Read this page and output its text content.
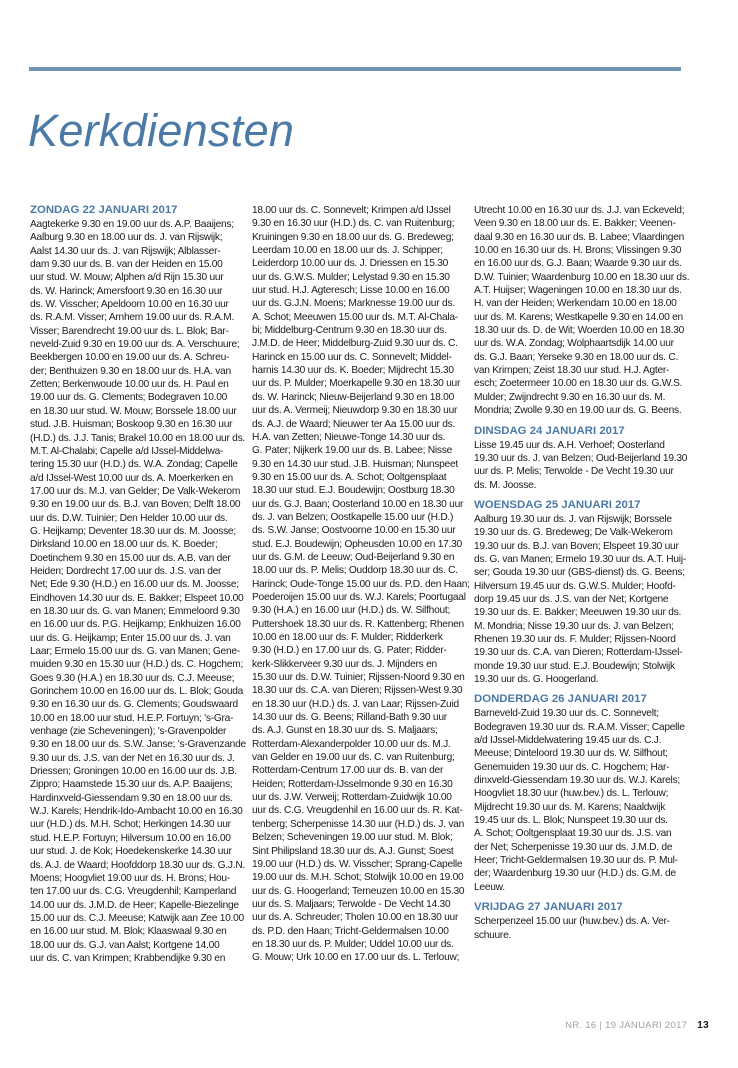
Kerkdiensten
ZONDAG 22 JANUARI 2017
Aagtekerke 9.30 en 19.00 uur ds. A.P. Baaijens;
Aalburg 9.30 en 18.00 uur ds. J. van Rijswijk;
Aalst 14.30 uur ds. J. van Rijswijk; Alblasser-
dam 9.30 uur ds. B. van der Heiden en 15.00
uur stud. W. Mouw; Alphen a/d Rijn 15.30 uur
ds. W. Harinck; Amersfoort 9.30 en 16.30 uur
ds. W. Visscher; Apeldoorn 10.00 en 16.30 uur
ds. R.A.M. Visser; Arnhem 19.00 uur ds. R.A.M.
Visser; Barendrecht 19.00 uur ds. L. Blok; Bar-
neveld-Zuid 9.30 en 19.00 uur ds. A. Verschuure;
Beekbergen 10.00 en 19.00 uur ds. A. Schreu-
der; Benthuizen 9.30 en 18.00 uur ds. H.A. van
Zetten; Berkenwoude 10.00 uur ds. H. Paul en
19.00 uur ds. G. Clements; Bodegraven 10.00
en 18.30 uur stud. W. Mouw; Borssele 18.00 uur
stud. J.B. Huisman; Boskoop 9.30 en 16.30 uur
(H.D.) ds. J.J. Tanis; Brakel 10.00 en 18.00 uur ds.
M.T. Al-Chalabi; Capelle a/d IJssel-Middelwa-
tering 15.30 uur (H.D.) ds. W.A. Zondag; Capelle
a/d IJssel-West 10.00 uur ds. A. Moerkerken en
17.00 uur ds. M.J. van Gelder; De Valk-Wekerom
9.30 en 19.00 uur ds. B.J. van Boven; Delft 18.00
uur ds. D.W. Tuinier; Den Helder 10.00 uur ds.
G. Heijkamp; Deventer 18.30 uur ds. M. Joosse;
Dirksland 10.00 en 18.00 uur ds. K. Boeder;
Doetinchem 9.30 en 15.00 uur ds. A.B. van der
Heiden; Dordrecht 17.00 uur ds. J.S. van der
Net; Ede 9.30 (H.D.) en 16.00 uur ds. M. Joosse;
Eindhoven 14.30 uur ds. E. Bakker; Elspeet 10.00
en 18.30 uur ds. G. van Manen; Emmeloord 9.30
en 16.00 uur ds. P.G. Heijkamp; Enkhuizen 16.00
uur ds. G. Heijkamp; Enter 15.00 uur ds. J. van
Laar; Ermelo 15.00 uur ds. G. van Manen; Gene-
muiden 9.30 en 15.30 uur (H.D.) ds. C. Hogchem;
Goes 9.30 (H.A.) en 18.30 uur ds. C.J. Meeuse;
Gorinchem 10.00 en 16.00 uur ds. L. Blok; Gouda
9.30 en 16.30 uur ds. G. Clements; Goudswaard
10.00 en 18.00 uur stud. H.E.P. Fortuyn; 's-Gra-
venhage (zie Scheveningen); 's-Gravenpolder
9.30 en 18.00 uur ds. S.W. Janse; 's-Gravenzande
9.30 uur ds. J.S. van der Net en 16.30 uur ds. J.
Driessen; Groningen 10.00 en 16.00 uur ds. J.B.
Zippro; Haamstede 15.30 uur ds. A.P. Baaijens;
Hardinxveld-Giessendam 9.30 en 18.00 uur ds.
W.J. Karels; Hendrik-Ido-Ambacht 10.00 en 16.30
uur (H.D.) ds. M.H. Schot; Herkingen 14.30 uur
stud. H.E.P. Fortuyn; Hilversum 10.00 en 16.00
uur stud. J. de Kok; Hoedekenskerke 14.30 uur
ds. A.J. de Waard; Hoofddorp 18.30 uur ds. G.J.N.
Moens; Hoogvliet 19.00 uur ds. H. Brons; Hou-
ten 17.00 uur ds. C.G. Vreugdenhil; Kamperland
14.00 uur ds. J.M.D. de Heer; Kapelle-Biezelinge
15.00 uur ds. C.J. Meeuse; Katwijk aan Zee 10.00
en 16.00 uur stud. M. Blok; Klaaswaal 9.30 en
18.00 uur ds. G.J. van Aalst; Kortgene 14.00
uur ds. C. van Krimpen; Krabbendijke 9.30 en
18.00 uur ds. C. Sonnevelt; Krimpen a/d IJssel
9.30 en 16.30 uur (H.D.) ds. C. van Ruitenburg;
Kruiningen 9.30 en 18.00 uur ds. G. Bredeweg;
Leerdam 10.00 en 18.00 uur ds. J. Schipper;
Leiderdorp 10.00 uur ds. J. Driessen en 15.30
uur ds. G.W.S. Mulder; Lelystad 9.30 en 15.30
uur stud. H.J. Agteresch; Lisse 10.00 en 16.00
uur ds. G.J.N. Moens; Marknesse 19.00 uur ds.
A. Schot; Meeuwen 15.00 uur ds. M.T. Al-Chala-
bi; Middelburg-Centrum 9.30 en 18.30 uur ds.
J.M.D. de Heer; Middelburg-Zuid 9.30 uur ds. C.
Harinck en 15.00 uur ds. C. Sonnevelt; Middel-
harnis 14.30 uur ds. K. Boeder; Mijdrecht 15.30
uur ds. P. Mulder; Moerkapelle 9.30 en 18.30 uur
ds. W. Harinck; Nieuw-Beijerland 9.30 en 18.00
uur ds. A. Vermeij; Nieuwdorp 9.30 en 18.30 uur
ds. A.J. de Waard; Nieuwer ter Aa 15.00 uur ds.
H.A. van Zetten; Nieuwe-Tonge 14.30 uur ds.
G. Pater; Nijkerk 19.00 uur ds. B. Labee; Nisse
9.30 en 14.30 uur stud. J.B. Huisman; Nunspeet
9.30 en 15.00 uur ds. A. Schot; Ooltgensplaat
18.30 uur stud. E.J. Boudewijn; Oostburg 18.30
uur ds. G.J. Baan; Oosterland 10.00 en 18.30 uur
ds. J. van Belzen; Oostkapelle 15.00 uur (H.D.)
ds. S.W. Janse; Oostvoorne 10.00 en 15.30 uur
stud. E.J. Boudewijn; Opheusden 10.00 en 17.30
uur ds. G.M. de Leeuw; Oud-Beijerland 9.30 en
18.00 uur ds. P. Melis; Ouddorp 18.30 uur ds. C.
Harinck; Oude-Tonge 15.00 uur ds. P.D. den Haan;
Poederoijen 15.00 uur ds. W.J. Karels; Poortugaal
9.30 (H.A.) en 16.00 uur (H.D.) ds. W. Silfhout;
Puttershoek 18.30 uur ds. R. Kattenberg; Rhenen
10.00 en 18.00 uur ds. F. Mulder; Ridderkerk
9.30 (H.D.) en 17.00 uur ds. G. Pater; Ridder-
kerk-Slikkerveer 9.30 uur ds. J. Mijnders en
15.30 uur ds. D.W. Tuinier; Rijssen-Noord 9.30 en
18.30 uur ds. C.A. van Dieren; Rijssen-West 9.30
en 18.30 uur (H.D.) ds. J. van Laar; Rijssen-Zuid
14.30 uur ds. G. Beens; Rilland-Bath 9.30 uur
ds. A.J. Gunst en 18.30 uur ds. S. Maljaars;
Rotterdam-Alexanderpolder 10.00 uur ds. M.J.
van Gelder en 19.00 uur ds. C. van Ruitenburg;
Rotterdam-Centrum 17.00 uur ds. B. van der
Heiden; Rotterdam-IJsselmonde 9.30 en 16.30
uur ds. J.W. Verweij; Rotterdam-Zuidwijk 10.00
uur ds. C.G. Vreugdenhil en 16.00 uur ds. R. Kat-
tenberg; Scherpenisse 14.30 uur (H.D.) ds. J. van
Belzen; Scheveningen 19.00 uur stud. M. Blok;
Sint Philipsland 18.30 uur ds. A.J. Gunst; Soest
19.00 uur (H.D.) ds. W. Visscher; Sprang-Capelle
19.00 uur ds. M.H. Schot; Stolwijk 10.00 en 19.00
uur ds. G. Hoogerland; Terneuzen 10.00 en 15.30
uur ds. S. Maljaars; Terwolde - De Vecht 14.30
uur ds. A. Schreuder; Tholen 10.00 en 18.30 uur
ds. P.D. den Haan; Tricht-Geldermalsen 10.00
en 18.30 uur ds. P. Mulder; Uddel 10.00 uur ds.
G. Mouw; Urk 10.00 en 17.00 uur ds. L. Terlouw;
Utrecht 10.00 en 16.30 uur ds. J.J. van Eckeveld;
Veen 9.30 en 18.00 uur ds. E. Bakker; Veenen-
daal 9.30 en 16.30 uur ds. B. Labee; Vlaardingen
10.00 en 16.30 uur ds. H. Brons; Vlissingen 9.30
en 16.00 uur ds. G.J. Baan; Waarde 9.30 uur ds.
D.W. Tuinier; Waardenburg 10.00 en 18.30 uur ds.
A.T. Huijser; Wageningen 10.00 en 18.30 uur ds.
H. van der Heiden; Werkendam 10.00 en 18.00
uur ds. M. Karens; Westkapelle 9.30 en 14.00 en
18.30 uur ds. D. de Wit; Woerden 10.00 en 18.30
uur ds. W.A. Zondag; Wolphaartsdijk 14.00 uur
ds. G.J. Baan; Yerseke 9.30 en 18.00 uur ds. C.
van Krimpen; Zeist 18.30 uur stud. H.J. Agter-
esch; Zoetermeer 10.00 en 18.30 uur ds. G.W.S.
Mulder; Zwijndrecht 9.30 en 16.30 uur ds. M.
Mondria; Zwolle 9.30 en 19.00 uur ds. G. Beens.
DINSDAG 24 JANUARI 2017
Lisse 19.45 uur ds. A.H. Verhoef; Oosterland
19.30 uur ds. J. van Belzen; Oud-Beijerland 19.30
uur ds. P. Melis; Terwolde - De Vecht 19.30 uur
ds. M. Joosse.
WOENSDAG 25 JANUARI 2017
Aalburg 19.30 uur ds. J. van Rijswijk; Borssele
19.30 uur ds. G. Bredeweg; De Valk-Wekerom
19.30 uur ds. B.J. van Boven; Elspeet 19.30 uur
ds. G. van Manen; Ermelo 19.30 uur ds. A.T. Huij-
ser; Gouda 19.30 uur (GBS-dienst) ds. G. Beens;
Hilversum 19.45 uur ds. G.W.S. Mulder; Hoofd-
dorp 19.45 uur ds. J.S. van der Net; Kortgene
19.30 uur ds. E. Bakker; Meeuwen 19.30 uur ds.
M. Mondria; Nisse 19.30 uur ds. J. van Belzen;
Rhenen 19.30 uur ds. F. Mulder; Rijssen-Noord
19.30 uur ds. C.A. van Dieren; Rotterdam-IJssel-
monde 19.30 uur stud. E.J. Boudewijn; Stolwijk
19.30 uur ds. G. Hoogerland.
DONDERDAG 26 JANUARI 2017
Barneveld-Zuid 19.30 uur ds. C. Sonnevelt;
Bodegraven 19.30 uur ds. R.A.M. Visser; Capelle
a/d IJssel-Middelwatering 19.45 uur ds. C.J.
Meeuse; Dinteloord 19.30 uur ds. W. Silfhout;
Genemuiden 19.30 uur ds. C. Hogchem; Har-
dinxveld-Giessendam 19.30 uur ds. W.J. Karels;
Hoogvliet 18.30 uur (huw.bev.) ds. L. Terlouw;
Mijdrecht 19.30 uur ds. M. Karens; Naaldwijk
19.45 uur ds. L. Blok; Nunspeet 19.30 uur ds.
A. Schot; Ooltgensplaat 19.30 uur ds. J.S. van
der Net; Scherpenisse 19.30 uur ds. J.M.D. de
Heer; Tricht-Geldermalsen 19.30 uur ds. P. Mul-
der; Waardenburg 19.30 uur (H.D.) ds. G.M. de
Leeuw.
VRIJDAG 27 JANUARI 2017
Scherpenzeel 15.00 uur (huw.bev.) ds. A. Ver-
schuure.
NR. 16 | 19 JANUARI 2017 13
